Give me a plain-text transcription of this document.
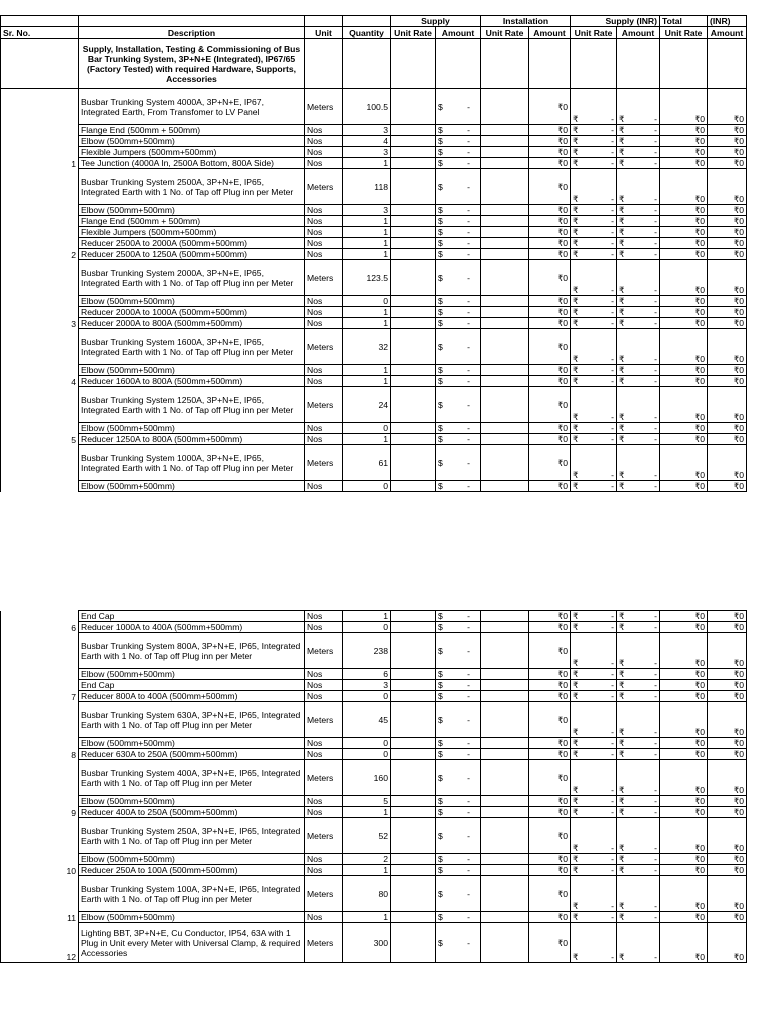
				Supply		Installation		Supply (INR)		Total	(INR)
Sr. No.	Description	Unit	Quantity	Unit Rate	Amount	Unit Rate	Amount	Unit Rate	Amount	Unit Rate	Amount
	Supply, Installation, Testing & Commissioning of Bus Bar Trunking System, 3P+N+E (Integrated), IP67/65 (Factory Tested) with required Hardware, Supports, Accessories										
1	Busbar Trunking System 4000A, 3P+N+E, IP67, Integrated Earth, From Transfomer to LV Panel	Meters	100.5		$ -		₹0	₹ -	₹ -	₹0	₹0
	Flange End (500mm + 500mm)	Nos	3		$ -		₹0	₹ -	₹ -	₹0	₹0
	Elbow (500mm+500mm)	Nos	4		$ -		₹0	₹ -	₹ -	₹0	₹0
	Flexible Jumpers (500mm+500mm)	Nos	3		$ -		₹0	₹ -	₹ -	₹0	₹0
	Tee Junction (4000A In, 2500A Bottom, 800A Side)	Nos	1		$ -		₹0	₹ -	₹ -	₹0	₹0
2	Busbar Trunking System 2500A, 3P+N+E, IP65, Integrated Earth with 1 No. of Tap off Plug inn per Meter	Meters	118		$ -		₹0	₹ -	₹ -	₹0	₹0
	Elbow (500mm+500mm)	Nos	3		$ -		₹0	₹ -	₹ -	₹0	₹0
	Flange End (500mm + 500mm)	Nos	1		$ -		₹0	₹ -	₹ -	₹0	₹0
	Flexible Jumpers (500mm+500mm)	Nos	1		$ -		₹0	₹ -	₹ -	₹0	₹0
	Reducer 2500A to 2000A (500mm+500mm)	Nos	1		$ -		₹0	₹ -	₹ -	₹0	₹0
	Reducer 2500A to 1250A (500mm+500mm)	Nos	1		$ -		₹0	₹ -	₹ -	₹0	₹0
3	Busbar Trunking System 2000A, 3P+N+E, IP65, Integrated Earth with 1 No. of Tap off Plug inn per Meter	Meters	123.5		$ -		₹0	₹ -	₹ -	₹0	₹0
	Elbow (500mm+500mm)	Nos	0		$ -		₹0	₹ -	₹ -	₹0	₹0
	Reducer 2000A to 1000A (500mm+500mm)	Nos	1		$ -		₹0	₹ -	₹ -	₹0	₹0
	Reducer 2000A to 800A (500mm+500mm)	Nos	1		$ -		₹0	₹ -	₹ -	₹0	₹0
4	Busbar Trunking System 1600A, 3P+N+E, IP65, Integrated Earth with 1 No. of Tap off Plug inn per Meter	Meters	32		$ -		₹0	₹ -	₹ -	₹0	₹0
	Elbow (500mm+500mm)	Nos	1		$ -		₹0	₹ -	₹ -	₹0	₹0
	Reducer 1600A to 800A (500mm+500mm)	Nos	1		$ -		₹0	₹ -	₹ -	₹0	₹0
5	Busbar Trunking System 1250A, 3P+N+E, IP65, Integrated Earth with 1 No. of Tap off Plug inn per Meter	Meters	24		$ -		₹0	₹ -	₹ -	₹0	₹0
	Elbow (500mm+500mm)	Nos	0		$ -		₹0	₹ -	₹ -	₹0	₹0
	Reducer 1250A to 800A (500mm+500mm)	Nos	1		$ -		₹0	₹ -	₹ -	₹0	₹0
	Busbar Trunking System 1000A, 3P+N+E, IP65, Integrated Earth with 1 No. of Tap off Plug inn per Meter	Meters	61		$ -		₹0	₹ -	₹ -	₹0	₹0
	Elbow (500mm+500mm)	Nos	0		$ -		₹0	₹ -	₹ -	₹0	₹0
6	End Cap	Nos	1		$ -		₹0	₹ -	₹ -	₹0	₹0
	Reducer 1000A to 400A (500mm+500mm)	Nos	0		$ -		₹0	₹ -	₹ -	₹0	₹0
7	Busbar Trunking System 800A, 3P+N+E, IP65, Integrated Earth with 1 No. of Tap off Plug inn per Meter	Meters	238		$ -		₹0	₹ -	₹ -	₹0	₹0
	Elbow (500mm+500mm)	Nos	6		$ -		₹0	₹ -	₹ -	₹0	₹0
	End Cap	Nos	3		$ -		₹0	₹ -	₹ -	₹0	₹0
	Reducer 800A to 400A (500mm+500mm)	Nos	0		$ -		₹0	₹ -	₹ -	₹0	₹0
8	Busbar Trunking System 630A, 3P+N+E, IP65, Integrated Earth with 1 No. of Tap off Plug inn per Meter	Meters	45		$ -		₹0	₹ -	₹ -	₹0	₹0
	Elbow (500mm+500mm)	Nos	0		$ -		₹0	₹ -	₹ -	₹0	₹0
	Reducer 630A to 250A (500mm+500mm)	Nos	0		$ -		₹0	₹ -	₹ -	₹0	₹0
9	Busbar Trunking System 400A, 3P+N+E, IP65, Integrated Earth with 1 No. of Tap off Plug inn per Meter	Meters	160		$ -		₹0	₹ -	₹ -	₹0	₹0
	Elbow (500mm+500mm)	Nos	5		$ -		₹0	₹ -	₹ -	₹0	₹0
	Reducer 400A to 250A (500mm+500mm)	Nos	1		$ -		₹0	₹ -	₹ -	₹0	₹0
10	Busbar Trunking System 250A, 3P+N+E, IP65, Integrated Earth with 1 No. of Tap off Plug inn per Meter	Meters	52		$ -		₹0	₹ -	₹ -	₹0	₹0
	Elbow (500mm+500mm)	Nos	2		$ -		₹0	₹ -	₹ -	₹0	₹0
	Reducer 250A to 100A (500mm+500mm)	Nos	1		$ -		₹0	₹ -	₹ -	₹0	₹0
11	Busbar Trunking System 100A, 3P+N+E, IP65, Integrated Earth with 1 No. of Tap off Plug inn per Meter	Meters	80		$ -		₹0	₹ -	₹ -	₹0	₹0
	Elbow (500mm+500mm)	Nos	1		$ -		₹0	₹ -	₹ -	₹0	₹0
12	Lighting BBT, 3P+N+E, Cu Conductor, IP54, 63A with 1 Plug in Unit every Meter with Universal Clamp, & required Accessories	Meters	300		$ -		₹0	₹ -	₹ -	₹0	₹0
